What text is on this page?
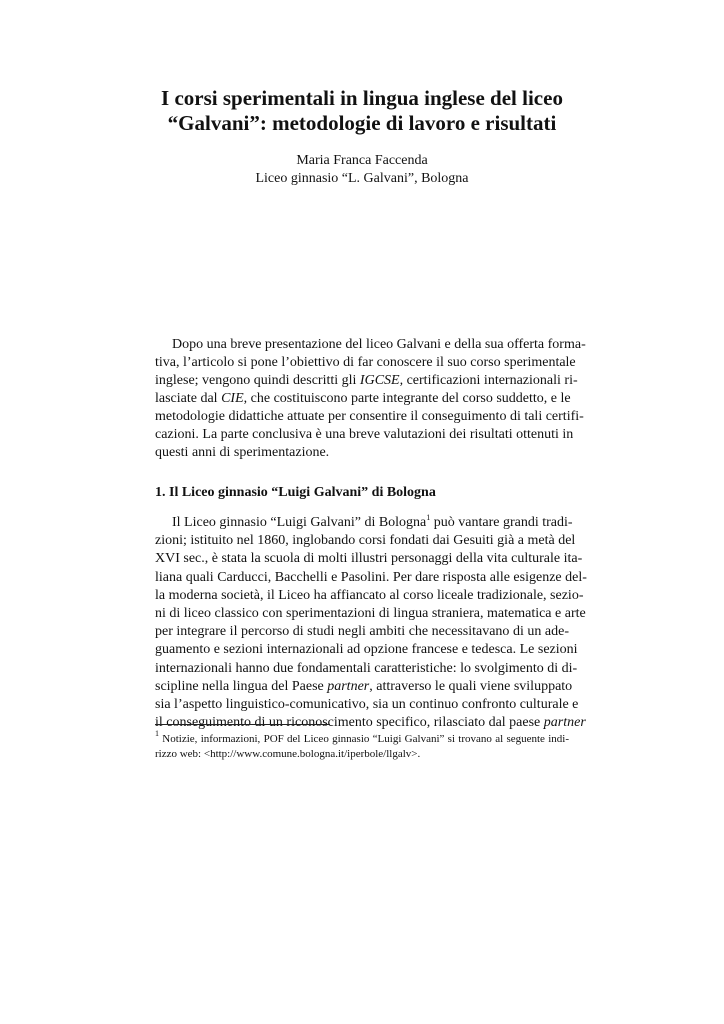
I corsi sperimentali in lingua inglese del liceo
“Galvani”: metodologie di lavoro e risultati
Maria Franca Faccenda
Liceo ginnasio “L. Galvani”, Bologna
Dopo una breve presentazione del liceo Galvani e della sua offerta forma-
tiva, l’articolo si pone l’obiettivo di far conoscere il suo corso sperimentale
inglese; vengono quindi descritti gli IGCSE, certificazioni internazionali ri-
lasciate dal CIE, che costituiscono parte integrante del corso suddetto, e le
metodologie didattiche attuate per consentire il conseguimento di tali certifi-
cazioni. La parte conclusiva è una breve valutazioni dei risultati ottenuti in
questi anni di sperimentazione.
1. Il Liceo ginnasio “Luigi Galvani” di Bologna
Il Liceo ginnasio “Luigi Galvani” di Bologna$^1$ può vantare grandi tradi-
zioni; istituito nel 1860, inglobando corsi fondati dai Gesuiti già a metà del
XVI sec., è stata la scuola di molti illustri personaggi della vita culturale ita-
liana quali Carducci, Bacchelli e Pasolini. Per dare risposta alle esigenze del-
la moderna società, il Liceo ha affiancato al corso liceale tradizionale, sezio-
ni di liceo classico con sperimentazioni di lingua straniera, matematica e arte
per integrare il percorso di studi negli ambiti che necessitavano di un ade-
guamento e sezioni internazionali ad opzione francese e tedesca. Le sezioni
internazionali hanno due fondamentali caratteristiche: lo svolgimento di di-
scipline nella lingua del Paese partner, attraverso le quali viene sviluppato
sia l’aspetto linguistico-comunicativo, sia un continuo confronto culturale e
il conseguimento di un riconoscimento specifico, rilasciato dal paese partner
$^1$ Notizie, informazioni, POF del Liceo ginnasio “Luigi Galvani” si trovano al seguente indi-
rizzo web: <http://www.comune.bologna.it/iperbole/llgalv>.
